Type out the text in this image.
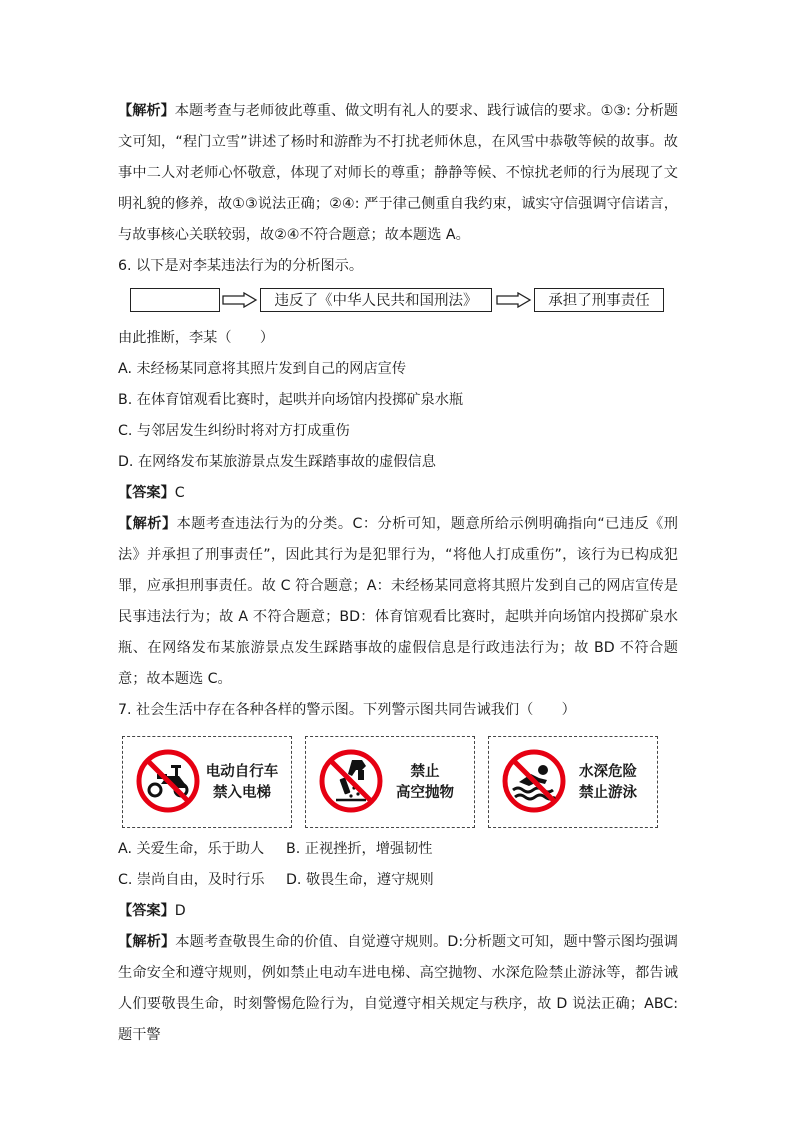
【解析】本题考查与老师彼此尊重、做文明有礼人的要求、践行诚信的要求。①③: 分析题文可知，“程门立雪”讲述了杨时和游酢为不打扰老师休息，在风雪中恭敬等候的故事。故事中二人对老师心怀敬意，体现了对师长的尊重；静静等候、不惊扰老师的行为展现了文明礼貌的修养，故①③说法正确；②④: 严于律己侧重自我约束，诚实守信强调守信诺言，与故事核心关联较弱，故②④不符合题意；故本题选 A。

6. 以下是对李某违法行为的分析图示。

违反了《中华人民共和国刑法》	承担了刑事责任

由此推断，李某（　　）

A. 未经杨某同意将其照片发到自己的网店宣传

B. 在体育馆观看比赛时，起哄并向场馆内投掷矿泉水瓶

C. 与邻居发生纠纷时将对方打成重伤

D. 在网络发布某旅游景点发生踩踏事故的虚假信息

【答案】C

【解析】本题考查违法行为的分类。C：分析可知，题意所给示例明确指向“已违反《刑法》并承担了刑事责任”，因此其行为是犯罪行为，“将他人打成重伤”，该行为已构成犯罪，应承担刑事责任。故 C 符合题意；A：未经杨某同意将其照片发到自己的网店宣传是民事违法行为；故 A 不符合题意；BD：体育馆观看比赛时，起哄并向场馆内投掷矿泉水瓶、在网络发布某旅游景点发生踩踏事故的虚假信息是行政违法行为；故 BD 不符合题意；故本题选 C。

7. 社会生活中存在各种各样的警示图。下列警示图共同告诫我们（　　）

电动自行车
禁入电梯
禁止
高空抛物
水深危险
禁止游泳

A. 关爱生命，乐于助人 B. 正视挫折，增强韧性

C. 崇尚自由，及时行乐 D. 敬畏生命，遵守规则

【答案】D

【解析】本题考查敬畏生命的价值、自觉遵守规则。D:分析题文可知，题中警示图均强调生命安全和遵守规则，例如禁止电动车进电梯、高空抛物、水深危险禁止游泳等，都告诫人们要敬畏生命，时刻警惕危险行为，自觉遵守相关规定与秩序，故 D 说法正确；ABC: 题干警
